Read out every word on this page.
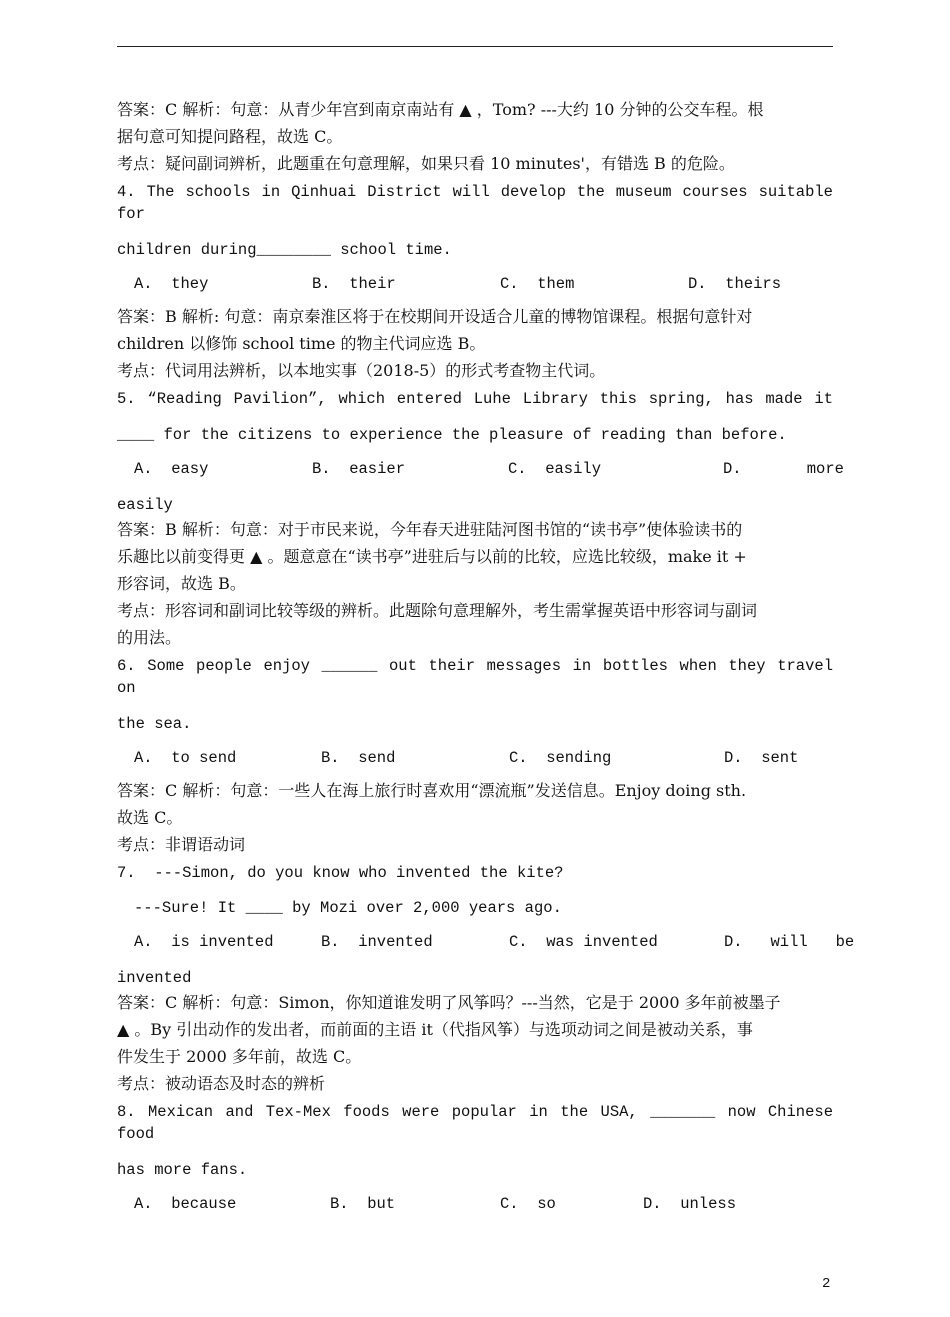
答案：C 解析：句意：从青少年宫到南京南站有 ▲ ，Tom? ---大约 10 分钟的公交车程。根

据句意可知提问路程，故选 C。

考点：疑问副词辨析，此题重在句意理解，如果只看 10 minutes'，有错选 B 的危险。

4. The schools in Qinhuai District will develop the museum courses suitable for

children during________ school time.

A.  they	B.  their	C.  them	D.  theirs

答案：B 解析: 句意：南京秦淮区将于在校期间开设适合儿童的博物馆课程。根据句意针对

children 以修饰 school time 的物主代词应选 B。

考点：代词用法辨析，以本地实事（2018-5）的形式考查物主代词。

5. “Reading Pavilion”, which entered Luhe Library this spring, has made it

____ for the citizens to experience the pleasure of reading than before.

A.  easy	B.  easier	C.  easily	D.       more

easily

答案：B 解析：句意：对于市民来说，今年春天进驻陆河图书馆的“读书亭”使体验读书的

乐趣比以前变得更 ▲ 。题意意在“读书亭”进驻后与以前的比较，应选比较级，make it +

形容词，故选 B。

考点：形容词和副词比较等级的辨析。此题除句意理解外，考生需掌握英语中形容词与副词

的用法。

6. Some people enjoy ______ out their messages in bottles when they travel on

the sea.

A.  to send	B.  send	C.  sending	D.  sent

答案：C 解析：句意：一些人在海上旅行时喜欢用“漂流瓶”发送信息。Enjoy doing sth.

故选 C。

考点：非谓语动词

7.  ---Simon, do you know who invented the kite?

---Sure! It ____ by Mozi over 2,000 years ago.

A.  is invented	B.  invented	C.  was invented	D.   will   be

invented

答案：C 解析：句意：Simon，你知道谁发明了风筝吗？---当然，它是于 2000 多年前被墨子

▲ 。By 引出动作的发出者，而前面的主语 it（代指风筝）与选项动词之间是被动关系，事

件发生于 2000 多年前，故选 C。

考点：被动语态及时态的辨析

8. Mexican and Tex-Mex foods were popular in the USA, _______ now Chinese food

has more fans.

A.  because	B.  but	C.  so	D.  unless
2
